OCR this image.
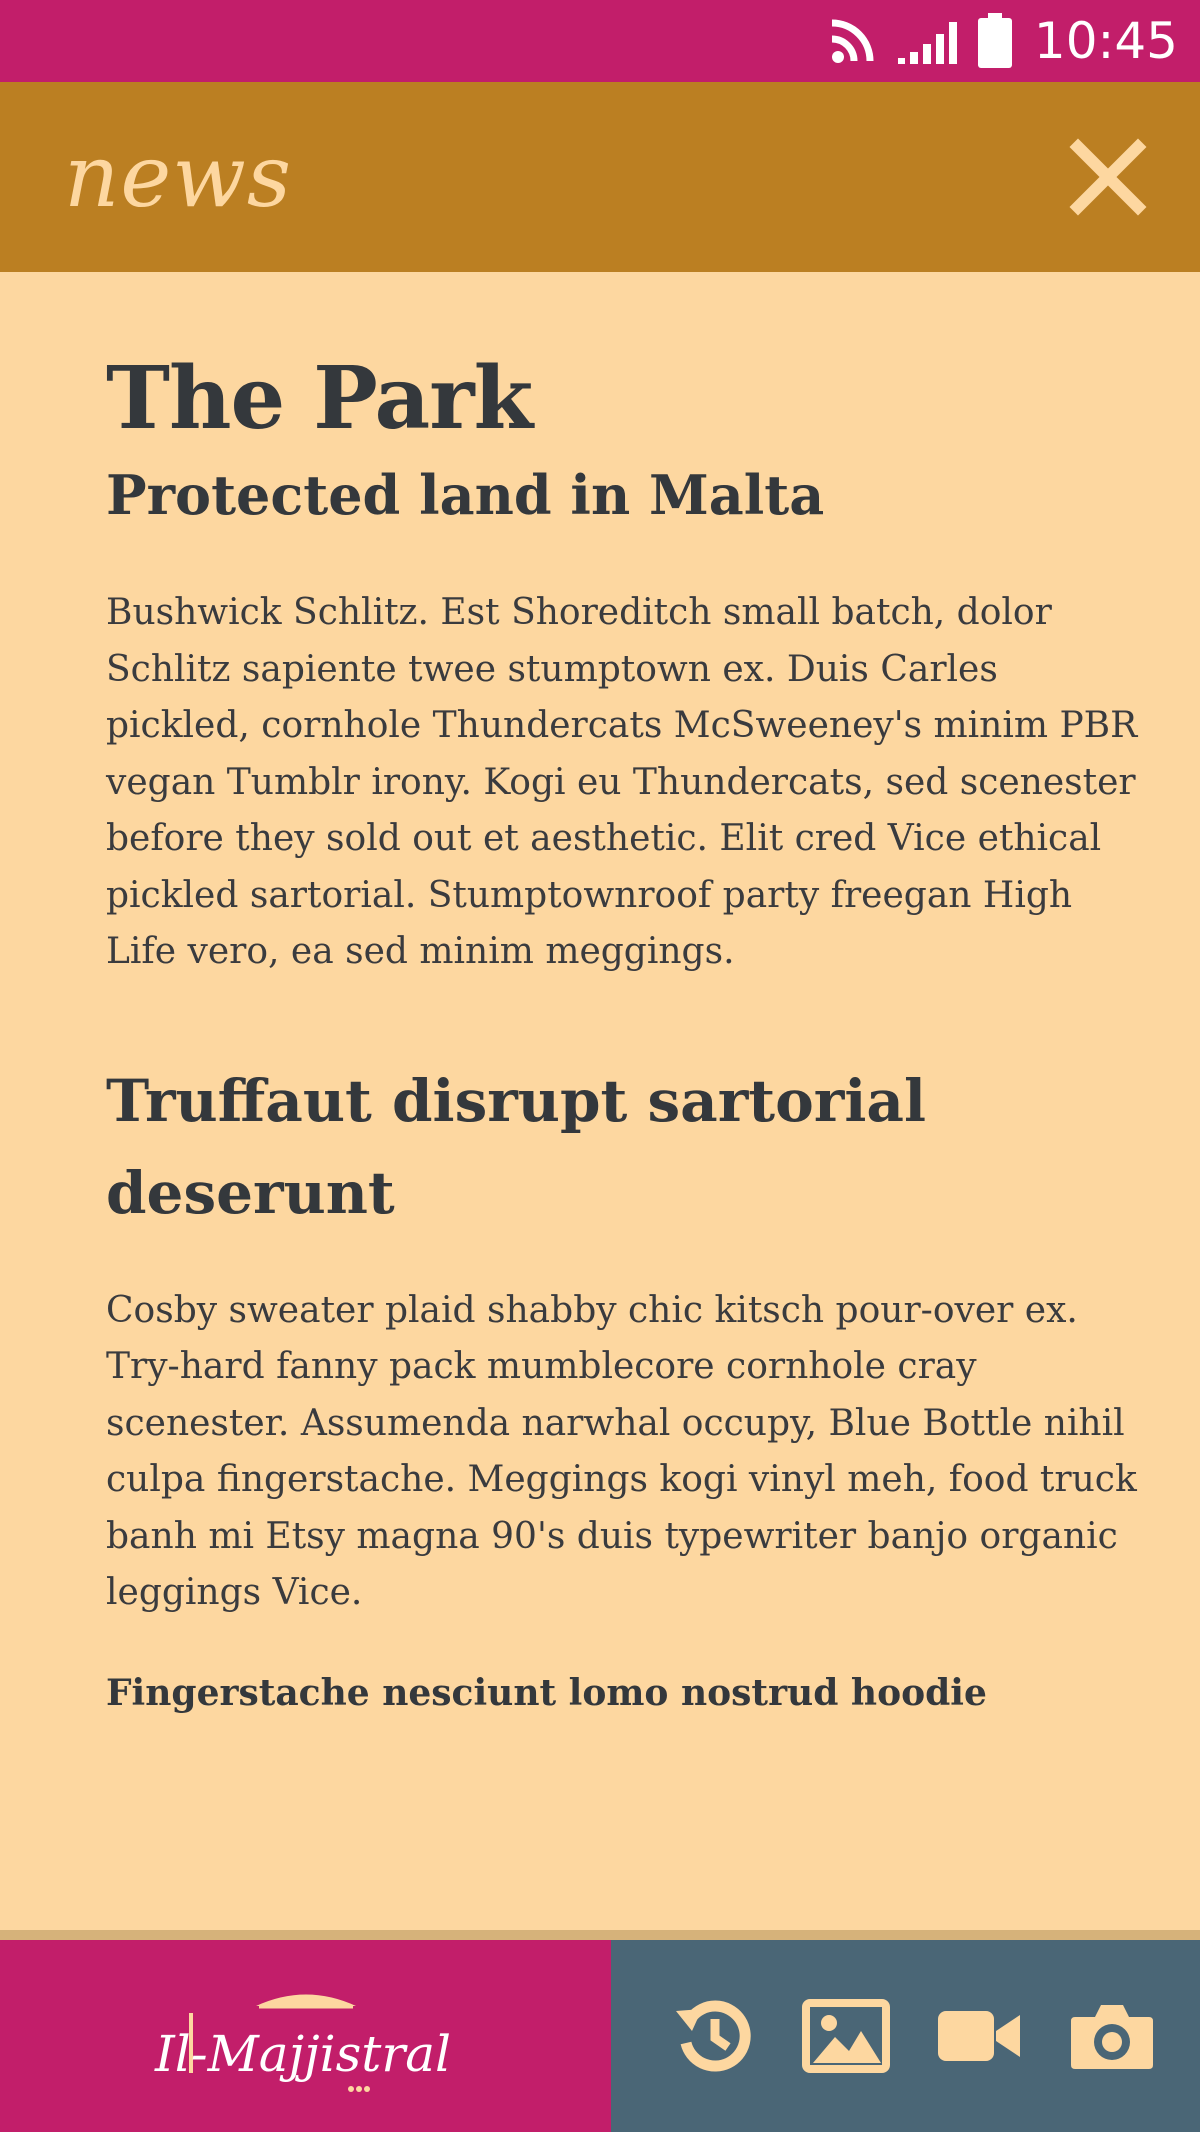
10:45
news
The Park
Protected land in Malta

Bushwick Schlitz. Est Shoreditch small batch, dolor Schlitz sapiente twee stumptown ex. Duis Carles pickled, cornhole Thundercats McSweeney's minim PBR vegan Tumblr irony. Kogi eu Thundercats, sed scenester before they sold out et aesthetic. Elit cred Vice ethical pickled sartorial. Stumptownroof party freegan High Life vero, ea sed minim meggings.

Truffaut disrupt sartorial deserunt

Cosby sweater plaid shabby chic kitsch pour-over ex. Try-hard fanny pack mumblecore cornhole cray scenester. Assumenda narwhal occupy, Blue Bottle nihil culpa fingerstache. Meggings kogi vinyl meh, food truck banh mi Etsy magna 90's duis typewriter banjo organic leggings Vice.

Fingerstache nesciunt lomo nostrud hoodie

Il-Majjistral
